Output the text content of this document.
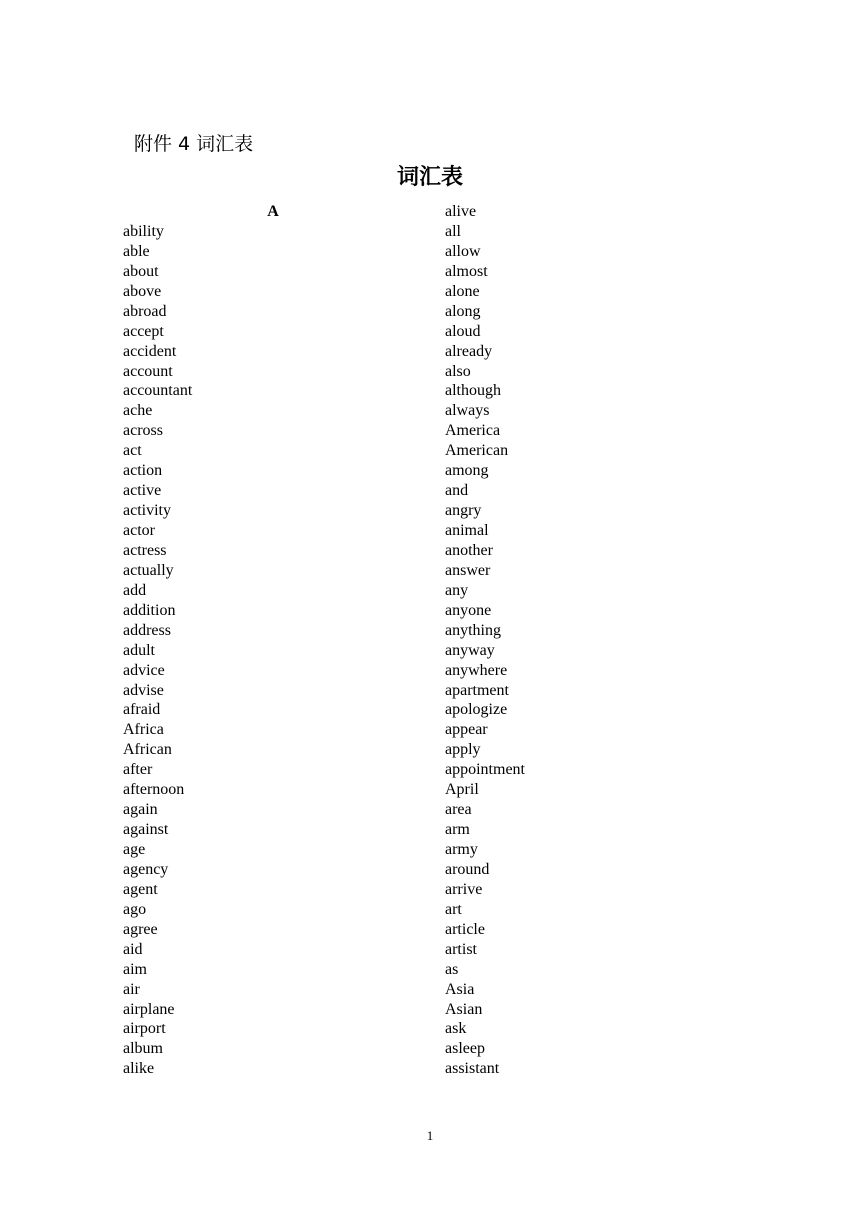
附件 4 词汇表
词汇表
A
ability
able
about
above
abroad
accept
accident
account
accountant
ache
across
act
action
active
activity
actor
actress
actually
add
addition
address
adult
advice
advise
afraid
Africa
African
after
afternoon
again
against
age
agency
agent
ago
agree
aid
aim
air
airplane
airport
album
alike
alive
all
allow
almost
alone
along
aloud
already
also
although
always
America
American
among
and
angry
animal
another
answer
any
anyone
anything
anyway
anywhere
apartment
apologize
appear
apply
appointment
April
area
arm
army
around
arrive
art
article
artist
as
Asia
Asian
ask
asleep
assistant
1
